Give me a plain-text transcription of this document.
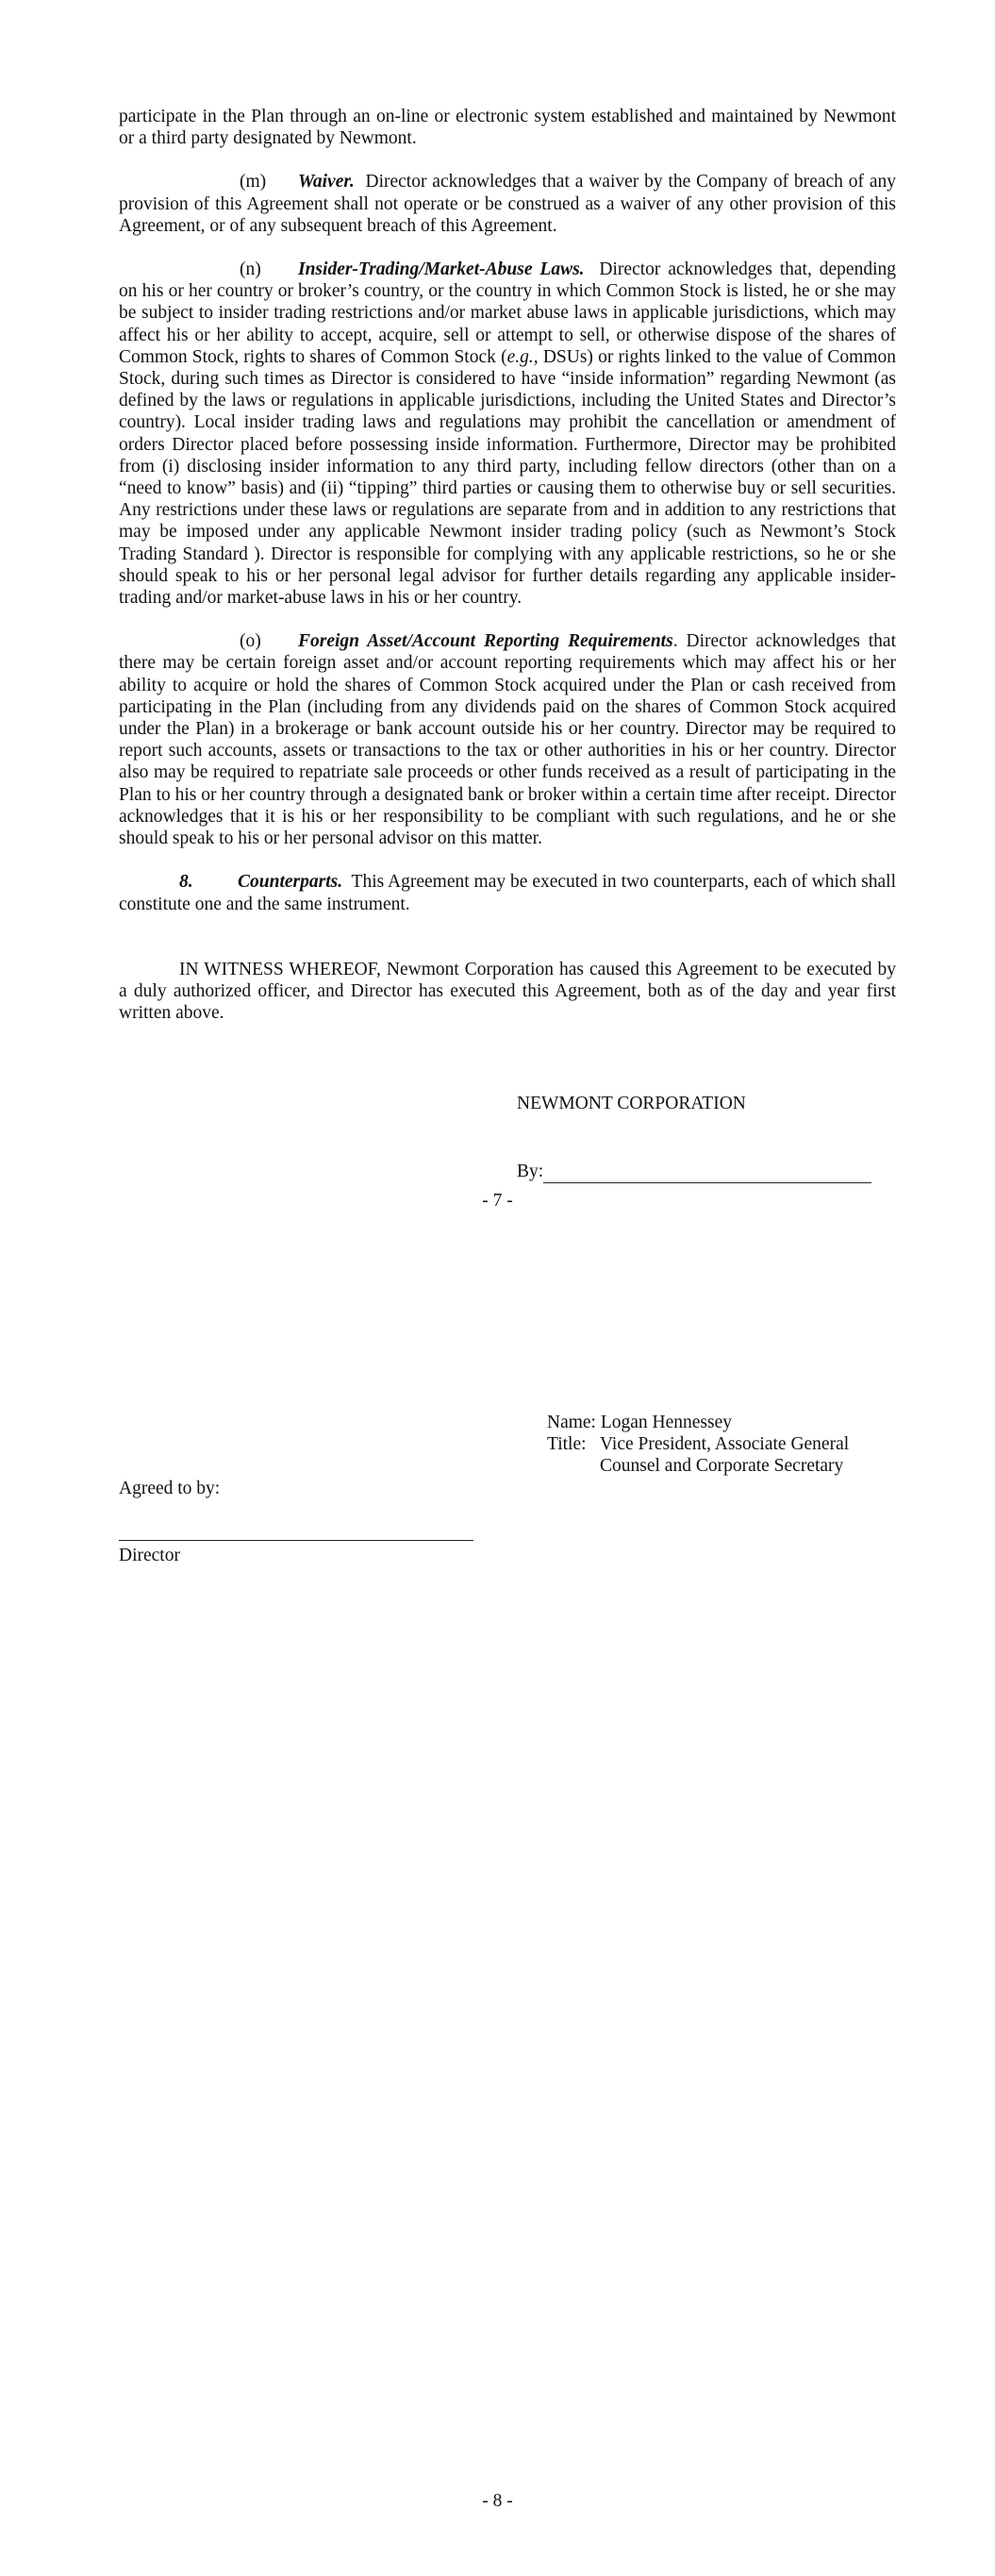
participate in the Plan through an on-line or electronic system established and maintained by Newmont or a third party designated by Newmont.

(m) Waiver. Director acknowledges that a waiver by the Company of breach of any provision of this Agreement shall not operate or be construed as a waiver of any other provision of this Agreement, or of any subsequent breach of this Agreement.

(n) Insider-Trading/Market-Abuse Laws. Director acknowledges that, depending on his or her country or broker’s country, or the country in which Common Stock is listed, he or she may be subject to insider trading restrictions and/or market abuse laws in applicable jurisdictions, which may affect his or her ability to accept, acquire, sell or attempt to sell, or otherwise dispose of the shares of Common Stock, rights to shares of Common Stock (e.g., DSUs) or rights linked to the value of Common Stock, during such times as Director is considered to have “inside information” regarding Newmont (as defined by the laws or regulations in applicable jurisdictions, including the United States and Director’s country). Local insider trading laws and regulations may prohibit the cancellation or amendment of orders Director placed before possessing inside information. Furthermore, Director may be prohibited from (i) disclosing insider information to any third party, including fellow directors (other than on a “need to know” basis) and (ii) “tipping” third parties or causing them to otherwise buy or sell securities. Any restrictions under these laws or regulations are separate from and in addition to any restrictions that may be imposed under any applicable Newmont insider trading policy (such as Newmont’s Stock Trading Standard ). Director is responsible for complying with any applicable restrictions, so he or she should speak to his or her personal legal advisor for further details regarding any applicable insider-trading and/or market-abuse laws in his or her country.

(o) Foreign Asset/Account Reporting Requirements. Director acknowledges that there may be certain foreign asset and/or account reporting requirements which may affect his or her ability to acquire or hold the shares of Common Stock acquired under the Plan or cash received from participating in the Plan (including from any dividends paid on the shares of Common Stock acquired under the Plan) in a brokerage or bank account outside his or her country. Director may be required to report such accounts, assets or transactions to the tax or other authorities in his or her country. Director also may be required to repatriate sale proceeds or other funds received as a result of participating in the Plan to his or her country through a designated bank or broker within a certain time after receipt. Director acknowledges that it is his or her responsibility to be compliant with such regulations, and he or she should speak to his or her personal advisor on this matter.

8. Counterparts. This Agreement may be executed in two counterparts, each of which shall constitute one and the same instrument.

IN WITNESS WHEREOF, Newmont Corporation has caused this Agreement to be executed by a duly authorized officer, and Director has executed this Agreement, both as of the day and year first written above.

NEWMONT CORPORATION
By:
- 7 -
Name: Logan Hennessey
Title: Vice President, Associate General
Counsel and Corporate Secretary
Agreed to by:
Director
- 8 -
